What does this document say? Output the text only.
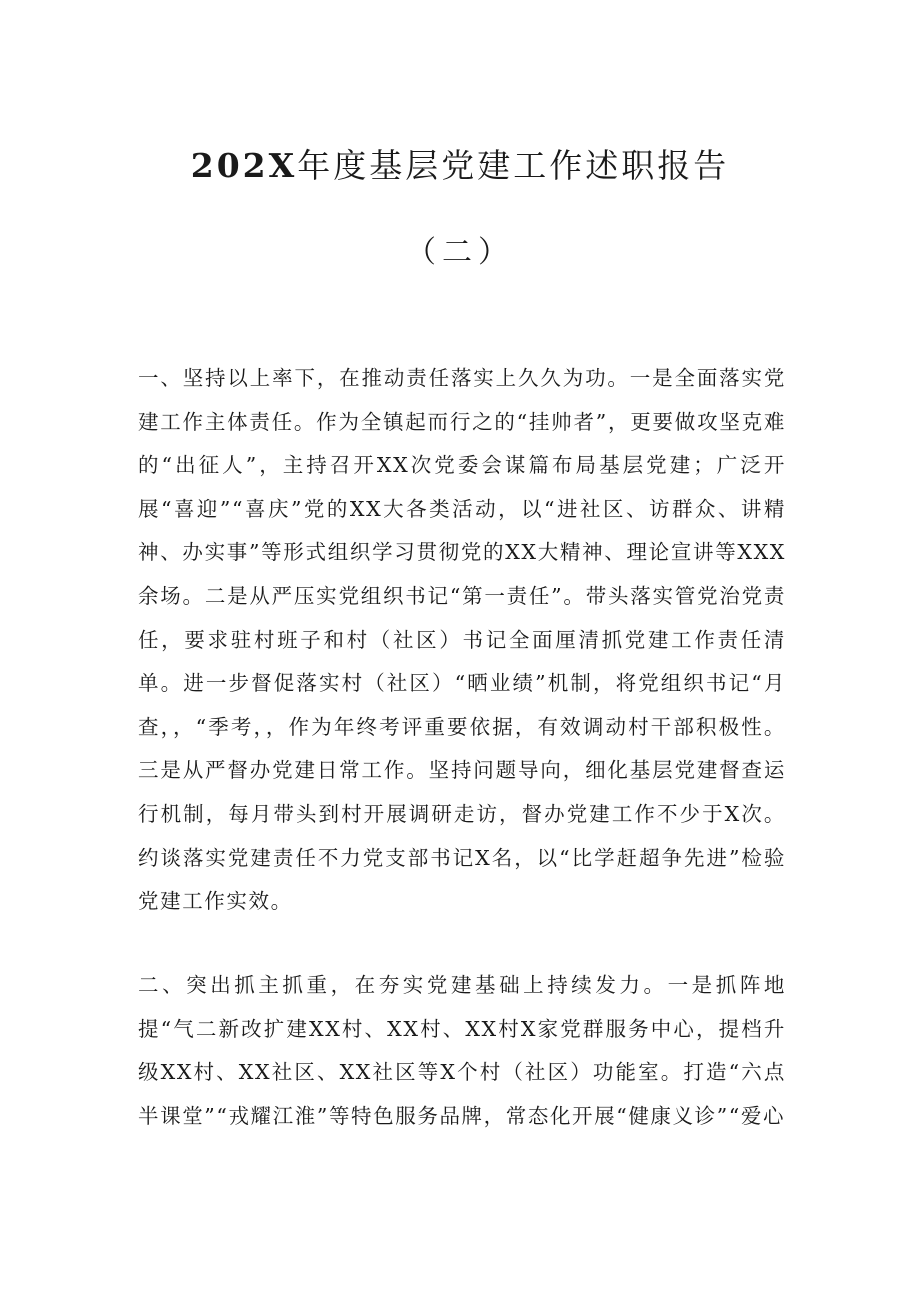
202X年度基层党建工作述职报告
（二）

一、坚持以上率下，在推动责任落实上久久为功。一是全面落实党建工作主体责任。作为全镇起而行之的“挂帅者”，更要做攻坚克难的“出征人”，主持召开XX次党委会谋篇布局基层党建；广泛开展“喜迎”“喜庆”党的XX大各类活动，以“进社区、访群众、讲精神、办实事”等形式组织学习贯彻党的XX大精神、理论宣讲等XXX余场。二是从严压实党组织书记“第一责任”。带头落实管党治党责任，要求驻村班子和村（社区）书记全面厘清抓党建工作责任清单。进一步督促落实村（社区）“晒业绩”机制，将党组织书记“月查，，“季考，，作为年终考评重要依据，有效调动村干部积极性。三是从严督办党建日常工作。坚持问题导向，细化基层党建督查运行机制，每月带头到村开展调研走访，督办党建工作不少于X次。约谈落实党建责任不力党支部书记X名，以“比学赶超争先进”检验党建工作实效。

二、突出抓主抓重，在夯实党建基础上持续发力。一是抓阵地提“气二新改扩建XX村、XX村、XX村X家党群服务中心，提档升级XX村、XX社区、XX社区等X个村（社区）功能室。打造“六点半课堂”“戎耀江淮”等特色服务品牌，常态化开展“健康义诊”“爱心
